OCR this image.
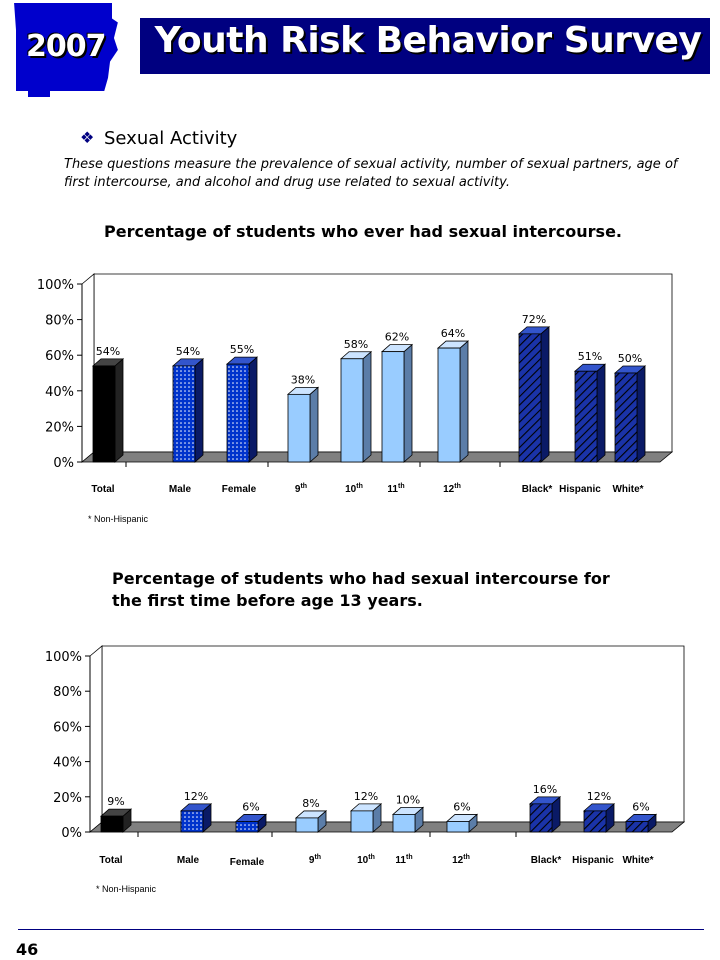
2007 Youth Risk Behavior Survey
❖ Sexual Activity
These questions measure the prevalence of sexual activity, number of sexual partners, age of first intercourse, and alcohol and drug use related to sexual activity.
Percentage of students who ever had sexual intercourse.
0%
20%
40%
60%
80%
100%
54%	54%	55%
38%
58%
62%	64%
72%
51% 50%
Total	Male	Female	9th	10th 11th	12th	Black* Hispanic White*
* Non-Hispanic
Percentage of students who had sexual intercourse for the first time before age 13 years.
0%
20%
40%
60%
80%
100%
9%	12%
6%	8%
12% 10%
6%
16%
12%
6%
Total	Male	Female	9th	10th 11th	12th	Black* Hispanic White*
* Non-Hispanic
46
